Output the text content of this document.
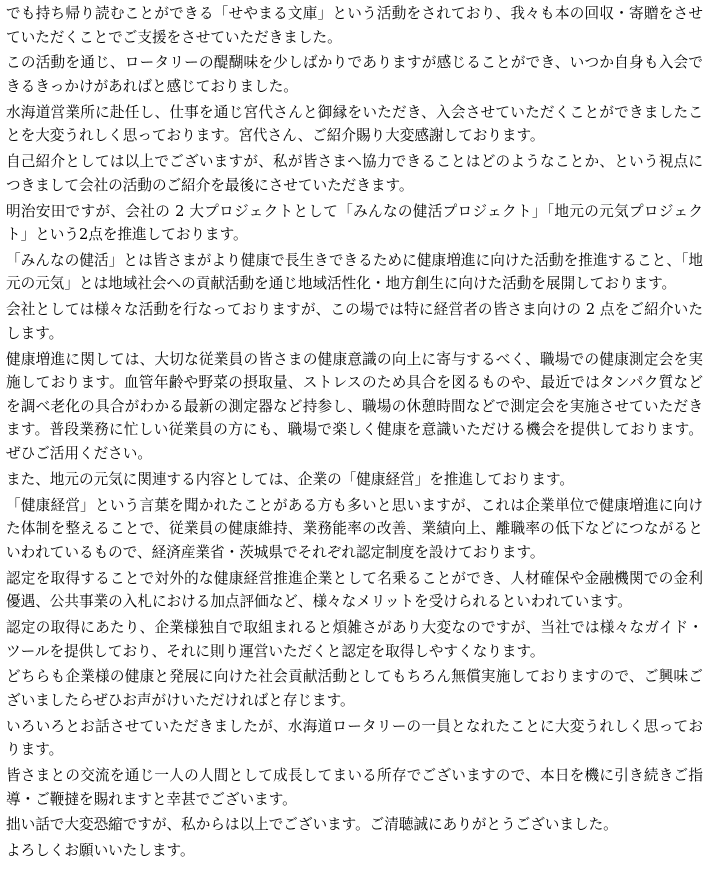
でも持ち帰り読むことができる「せやまる文庫」という活動をされており、我々も本の回収・寄贈をさせていただくことでご支援をさせていただきました。

この活動を通じ、ロータリーの醍醐味を少しばかりでありますが感じることができ、いつか自身も入会できるきっかけがあればと感じておりました。

水海道営業所に赴任し、仕事を通じ宮代さんと御縁をいただき、入会させていただくことができましたことを大変うれしく思っております。宮代さん、ご紹介賜り大変感謝しております。

自己紹介としては以上でございますが、私が皆さまへ協力できることはどのようなことか、という視点につきまして会社の活動のご紹介を最後にさせていただきます。

明治安田ですが、会社の 2 大プロジェクトとして「みんなの健活プロジェクト」「地元の元気プロジェクト」という2点を推進しております。

「みんなの健活」とは皆さまがより健康で長生きできるために健康増進に向けた活動を推進すること、「地元の元気」とは地域社会への貢献活動を通じ地域活性化・地方創生に向けた活動を展開しております。

会社としては様々な活動を行なっておりますが、この場では特に経営者の皆さま向けの 2 点をご紹介いたします。

健康増進に関しては、大切な従業員の皆さまの健康意識の向上に寄与するべく、職場での健康測定会を実施しております。血管年齢や野菜の摂取量、ストレスのため具合を図るものや、最近ではタンパク質などを調べ老化の具合がわかる最新の測定器など持参し、職場の休憩時間などで測定会を実施させていただきます。普段業務に忙しい従業員の方にも、職場で楽しく健康を意識いただける機会を提供しております。ぜひご活用ください。

また、地元の元気に関連する内容としては、企業の「健康経営」を推進しております。

「健康経営」という言葉を聞かれたことがある方も多いと思いますが、これは企業単位で健康増進に向けた体制を整えることで、従業員の健康維持、業務能率の改善、業績向上、離職率の低下などにつながるといわれているもので、経済産業省・茨城県でそれぞれ認定制度を設けております。

認定を取得することで対外的な健康経営推進企業として名乗ることができ、人材確保や金融機関での金利優遇、公共事業の入札における加点評価など、様々なメリットを受けられるといわれています。

認定の取得にあたり、企業様独自で取組まれると煩雑さがあり大変なのですが、当社では様々なガイド・ツールを提供しており、それに則り運営いただくと認定を取得しやすくなります。

どちらも企業様の健康と発展に向けた社会貢献活動としてもちろん無償実施しておりますので、ご興味ございましたらぜひお声がけいただければと存じます。

いろいろとお話させていただきましたが、水海道ロータリーの一員となれたことに大変うれしく思っております。

皆さまとの交流を通じ一人の人間として成長してまいる所存でございますので、本日を機に引き続きご指導・ご鞭撻を賜れますと幸甚でございます。

拙い話で大変恐縮ですが、私からは以上でございます。ご清聴誠にありがとうございました。

よろしくお願いいたします。
